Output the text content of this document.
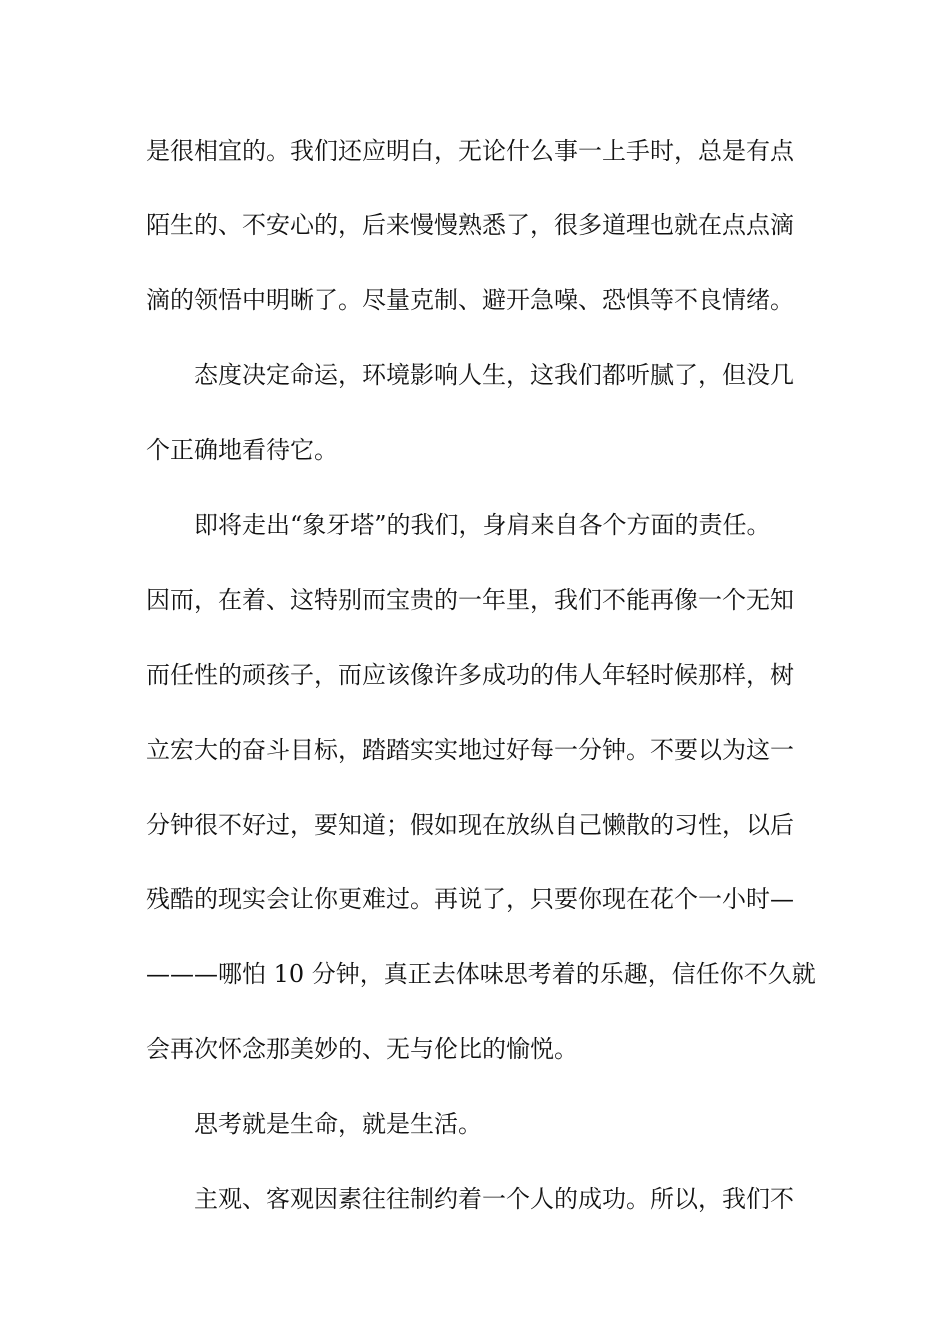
是很相宜的。我们还应明白，无论什么事一上手时，总是有点
陌生的、不安心的，后来慢慢熟悉了，很多道理也就在点点滴
滴的领悟中明晰了。尽量克制、避开急噪、恐惧等不良情绪。
态度决定命运，环境影响人生，这我们都听腻了，但没几
个正确地看待它。
即将走出“象牙塔”的我们，身肩来自各个方面的责任。
因而，在着、这特别而宝贵的一年里，我们不能再像一个无知
而任性的顽孩子，而应该像许多成功的伟人年轻时候那样，树
立宏大的奋斗目标，踏踏实实地过好每一分钟。不要以为这一
分钟很不好过，要知道；假如现在放纵自己懒散的习性，以后
残酷的现实会让你更难过。再说了，只要你现在花个一小时—
———哪怕 10 分钟，真正去体味思考着的乐趣，信任你不久就
会再次怀念那美妙的、无与伦比的愉悦。
思考就是生命，就是生活。
主观、客观因素往往制约着一个人的成功。所以，我们不
